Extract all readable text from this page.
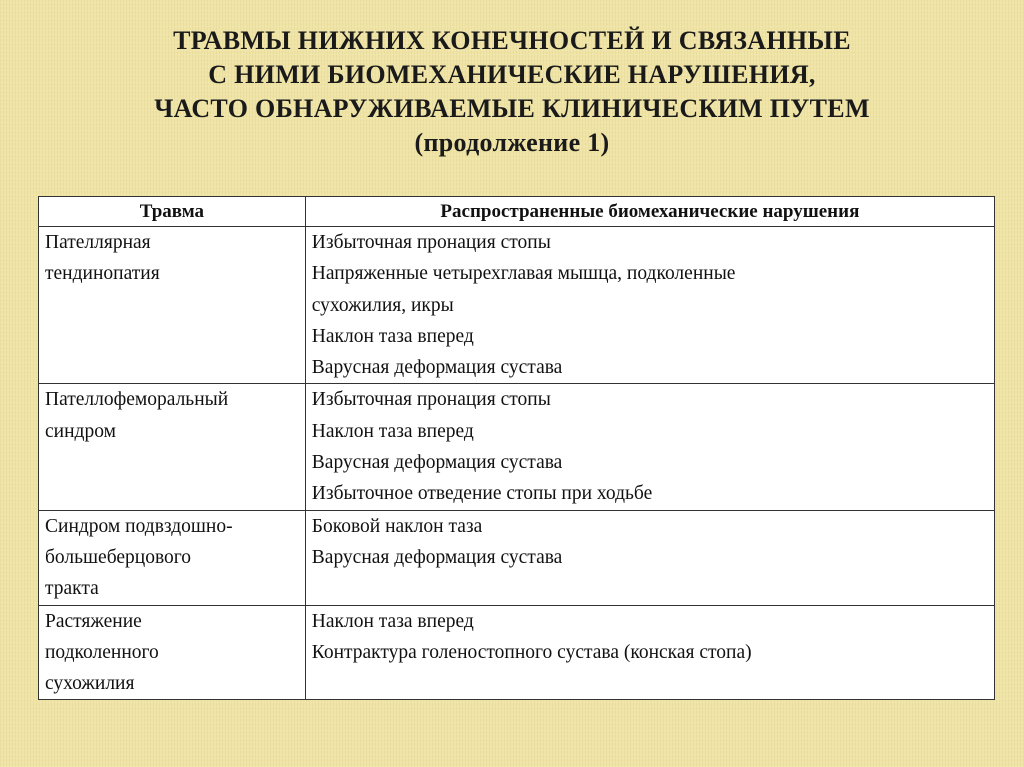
ТРАВМЫ НИЖНИХ КОНЕЧНОСТЕЙ И СВЯЗАННЫЕ
С НИМИ БИОМЕХАНИЧЕСКИЕ НАРУШЕНИЯ,
ЧАСТО ОБНАРУЖИВАЕМЫЕ КЛИНИЧЕСКИМ ПУТЕМ
(продолжение 1)
Травма	Распространенные биомеханические нарушения

Пателлярная
тендинопатия	Избыточная пронация стопы
Напряженные четырехглавая мышца, подколенные
сухожилия, икры
Наклон таза вперед
Варусная деформация сустава

Пателлофеморальный
синдром	Избыточная пронация стопы
Наклон таза вперед
Варусная деформация сустава
Избыточное отведение стопы при ходьбе

Синдром подвздошно-
большеберцового
тракта	Боковой наклон таза
Варусная деформация сустава

Растяжение
подколенного
сухожилия	Наклон таза вперед
Контрактура голеностопного сустава (конская стопа)
